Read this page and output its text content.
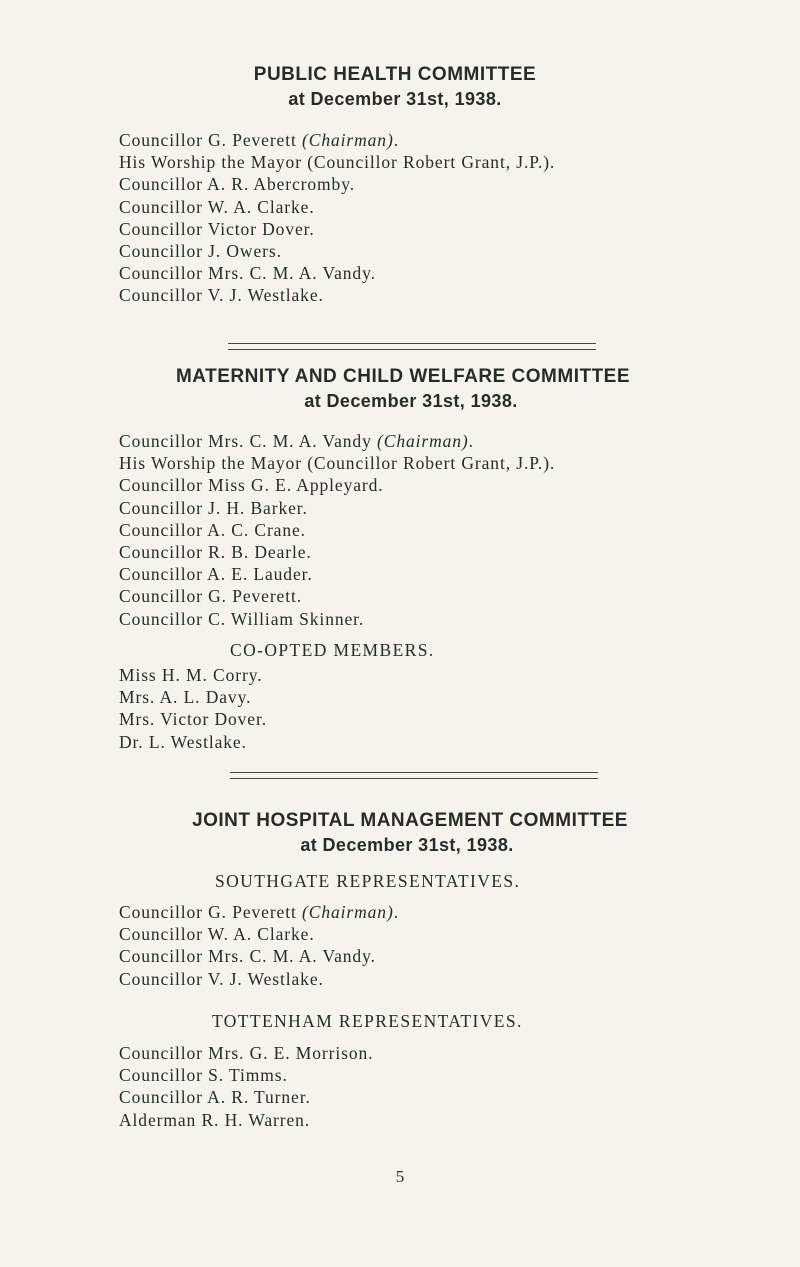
PUBLIC HEALTH COMMITTEE

at December 31st, 1938.

Councillor G. Peverett (Chairman).
His Worship the Mayor (Councillor Robert Grant, J.P.).
Councillor A. R. Abercromby.
Councillor W. A. Clarke.
Councillor Victor Dover.
Councillor J. Owers.
Councillor Mrs. C. M. A. Vandy.
Councillor V. J. Westlake.

MATERNITY AND CHILD WELFARE COMMITTEE

at December 31st, 1938.

Councillor Mrs. C. M. A. Vandy (Chairman).
His Worship the Mayor (Councillor Robert Grant, J.P.).
Councillor Miss G. E. Appleyard.
Councillor J. H. Barker.
Councillor A. C. Crane.
Councillor R. B. Dearle.
Councillor A. E. Lauder.
Councillor G. Peverett.
Councillor C. William Skinner.

CO-OPTED MEMBERS.

Miss H. M. Corry.
Mrs. A. L. Davy.
Mrs. Victor Dover.
Dr. L. Westlake.

JOINT HOSPITAL MANAGEMENT COMMITTEE

at December 31st, 1938.

SOUTHGATE REPRESENTATIVES.

Councillor G. Peverett (Chairman).
Councillor W. A. Clarke.
Councillor Mrs. C. M. A. Vandy.
Councillor V. J. Westlake.

TOTTENHAM REPRESENTATIVES.

Councillor Mrs. G. E. Morrison.
Councillor S. Timms.
Councillor A. R. Turner.
Alderman R. H. Warren.
5
